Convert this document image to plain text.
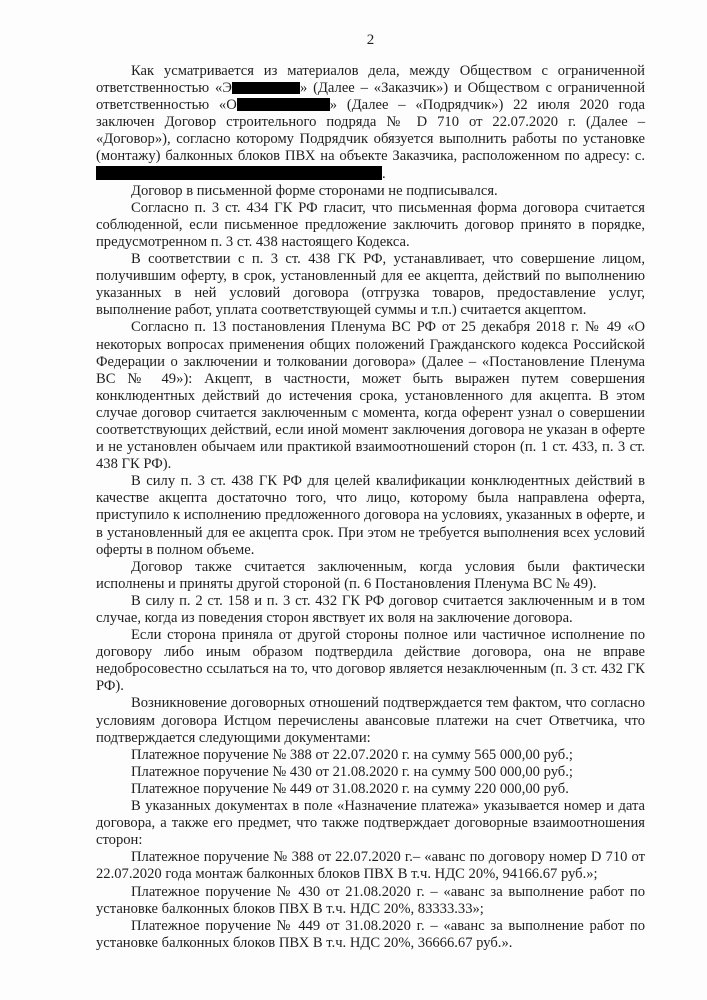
2

Как усматривается из материалов дела, между Обществом с ограниченной ответственностью «Э	» (Далее – «Заказчик») и Обществом с ограниченной ответственностью «О	» (Далее – «Подрядчик») 22 июля 2020 года заключен Договор строительного подряда № D 710 от 22.07.2020 г. (Далее – «Договор»), согласно которому Подрядчик обязуется выполнить работы по установке (монтажу) балконных блоков ПВХ на объекте Заказчика, расположенном по адресу: с. .

Договор в письменной форме сторонами не подписывался.

Согласно п. 3 ст. 434 ГК РФ гласит, что письменная форма договора считается соблюденной, если письменное предложение заключить договор принято в порядке, предусмотренном п. 3 ст. 438 настоящего Кодекса.

В соответствии с п. 3 ст. 438 ГК РФ, устанавливает, что совершение лицом, получившим оферту, в срок, установленный для ее акцепта, действий по выполнению указанных в ней условий договора (отгрузка товаров, предоставление услуг, выполнение работ, уплата соответствующей суммы и т.п.) считается акцептом.

Согласно п. 13 постановления Пленума ВС РФ от 25 декабря 2018 г. № 49 «О некоторых вопросах применения общих положений Гражданского кодекса Российской Федерации о заключении и толковании договора» (Далее – «Постановление Пленума ВС № 49»): Акцепт, в частности, может быть выражен путем совершения конклюдентных действий до истечения срока, установленного для акцепта. В этом случае договор считается заключенным с момента, когда оферент узнал о совершении соответствующих действий, если иной момент заключения договора не указан в оферте и не установлен обычаем или практикой взаимоотношений сторон (п. 1 ст. 433, п. 3 ст. 438 ГК РФ).

В силу п. 3 ст. 438 ГК РФ для целей квалификации конклюдентных действий в качестве акцепта достаточно того, что лицо, которому была направлена оферта, приступило к исполнению предложенного договора на условиях, указанных в оферте, и в установленный для ее акцепта срок. При этом не требуется выполнения всех условий оферты в полном объеме.

Договор также считается заключенным, когда условия были фактически исполнены и приняты другой стороной (п. 6 Постановления Пленума ВС № 49).

В силу п. 2 ст. 158 и п. 3 ст. 432 ГК РФ договор считается заключенным и в том случае, когда из поведения сторон явствует их воля на заключение договора.

Если сторона приняла от другой стороны полное или частичное исполнение по договору либо иным образом подтвердила действие договора, она не вправе недобросовестно ссылаться на то, что договор является незаключенным (п. 3 ст. 432 ГК РФ).

Возникновение договорных отношений подтверждается тем фактом, что согласно условиям договора Истцом перечислены авансовые платежи на счет Ответчика, что подтверждается следующими документами:

Платежное поручение № 388 от 22.07.2020 г. на сумму 565 000,00 руб.;

Платежное поручение № 430 от 21.08.2020 г. на сумму 500 000,00 руб.;

Платежное поручение № 449 от 31.08.2020 г. на сумму 220 000,00 руб.

В указанных документах в поле «Назначение платежа» указывается номер и дата договора, а также его предмет, что также подтверждает договорные взаимоотношения сторон:

Платежное поручение № 388 от 22.07.2020 г.– «аванс по договору номер D 710 от 22.07.2020 года монтаж балконных блоков ПВХ В т.ч. НДС 20%, 94166.67 руб.»;

Платежное поручение № 430 от 21.08.2020 г. – «аванс за выполнение работ по установке балконных блоков ПВХ В т.ч. НДС 20%, 83333.33»;

Платежное поручение № 449 от 31.08.2020 г. – «аванс за выполнение работ по установке балконных блоков ПВХ В т.ч. НДС 20%, 36666.67 руб.».
